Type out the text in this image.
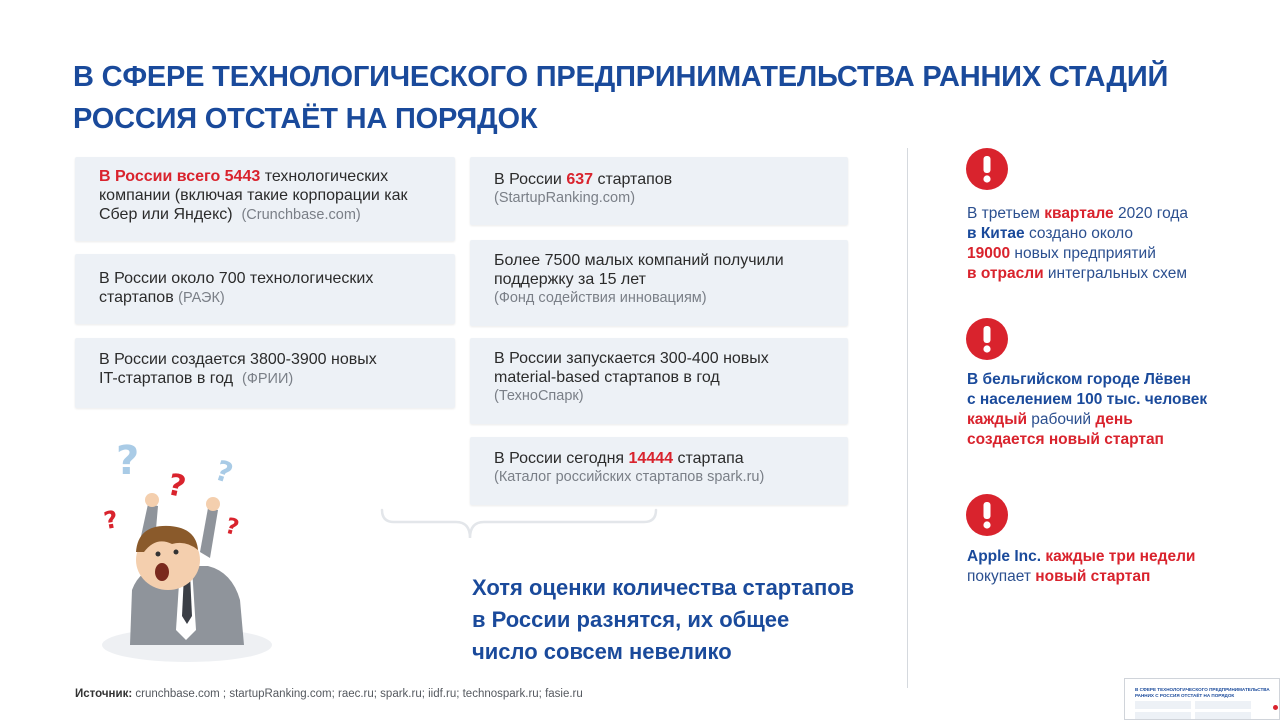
В СФЕРЕ ТЕХНОЛОГИЧЕСКОГО ПРЕДПРИНИМАТЕЛЬСТВА РАННИХ СТАДИЙ
РОССИЯ ОТСТАЁТ НА ПОРЯДОК
В России всего 5443 технологических
компании (включая такие корпорации как
Сбер или Яндекс) (Crunchbase.com)
В России около 700 технологических
стартапов (РАЭК)
В России создается 3800-3900 новых
IT-стартапов в год (ФРИИ)
В России 637 стартапов
(StartupRanking.com)
Более 7500 малых компаний получили
поддержку за 15 лет
(Фонд содействия инновациям)
В России запускается 300-400 новых
material-based стартапов в год
(ТехноСпарк)
В России сегодня 14444 стартапа
(Каталог российских стартапов spark.ru)
?
? ?
?	?
Хотя оценки количества стартапов
в России разнятся, их общее
число совсем невелико
В третьем квартале 2020 года
в Китае создано около
19000 новых предприятий
в отрасли интегральных схем
В бельгийском городе Лёвен
с населением 100 тыс. человек
каждый рабочий день
создается новый стартап
Apple Inc. каждые три недели
покупает новый стартап
Источник: crunchbase.com ; startupRanking.com; raec.ru; spark.ru; iidf.ru; technospark.ru; fasie.ru	В СФЕРЕ ТЕХНОЛОГИЧЕСКОГО ПРЕДПРИНИМАТЕЛЬСТВА РАННИХ С РОССИЯ ОТСТАЁТ НА ПОРЯДОК
